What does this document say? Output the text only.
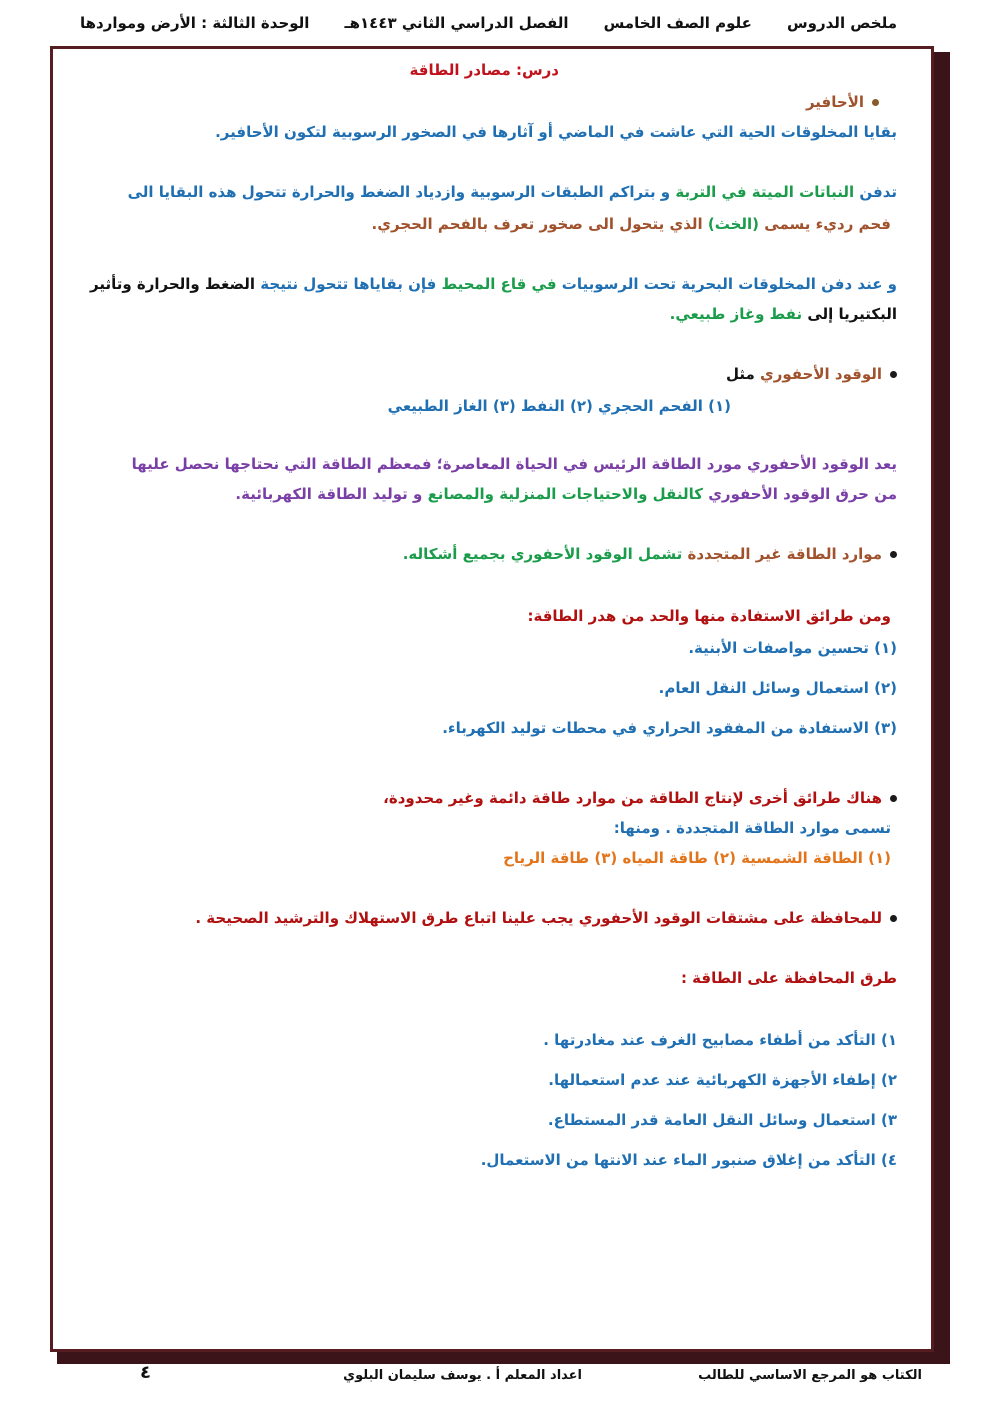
ملخص الدروس
علوم الصف الخامس
الفصل الدراسي الثاني ١٤٤٣هـ
الوحدة الثالثة : الأرض ومواردها
درس: مصادر الطاقة
الأحافير
بقايا المخلوقات الحية التي عاشت في الماضي أو آثارها في الصخور الرسوبية لتكون الأحافير.
تدفن النباتات الميتة في التربة و بتراكم الطبقات الرسوبية وازدياد الضغط والحرارة تتحول هذه البقايا الى
فحم رديء يسمى (الخث) الذي يتحول الى صخور تعرف بالفحم الحجري.
و عند دفن المخلوقات البحرية تحت الرسوبيات في قاع المحيط فإن بقاياها تتحول نتيجة الضغط والحرارة وتأثير
البكتيريا إلى نفط وغاز طبيعي.
الوقود الأحفوري مثل
(١) الفحم الحجري (٢) النفط (٣) الغاز الطبيعي
يعد الوقود الأحفوري مورد الطاقة الرئيس في الحياة المعاصرة؛ فمعظم الطاقة التي نحتاجها نحصل عليها
من حرق الوقود الأحفوري كالنقل والاحتياجات المنزلية والمصانع و توليد الطاقة الكهربائية.
موارد الطاقة غير المتجددة تشمل الوقود الأحفوري بجميع أشكاله.
ومن طرائق الاستفادة منها والحد من هدر الطاقة:
(١) تحسين مواصفات الأبنية.
(٢) استعمال وسائل النقل العام.
(٣) الاستفادة من المفقود الحراري في محطات توليد الكهرباء.
هناك طرائق أخرى لإنتاج الطاقة من موارد طاقة دائمة وغير محدودة،
تسمى موارد الطاقة المتجددة . ومنها:
(١) الطاقة الشمسية (٢) طاقة المياه (٣) طاقة الرياح
للمحافظة على مشتقات الوقود الأحفوري يجب علينا اتباع طرق الاستهلاك والترشيد الصحيحة .
طرق المحافظة على الطاقة :
١) التأكد من أطفاء مصابيح الغرف عند مغادرتها .
٢) إطفاء الأجهزة الكهربائية عند عدم استعمالها.
٣) استعمال وسائل النقل العامة قدر المستطاع.
٤) التأكد من إغلاق صنبور الماء عند الانتها من الاستعمال.
الكتاب هو المرجع الاساسي للطالب
اعداد المعلم أ . يوسف سليمان البلوي
٤
